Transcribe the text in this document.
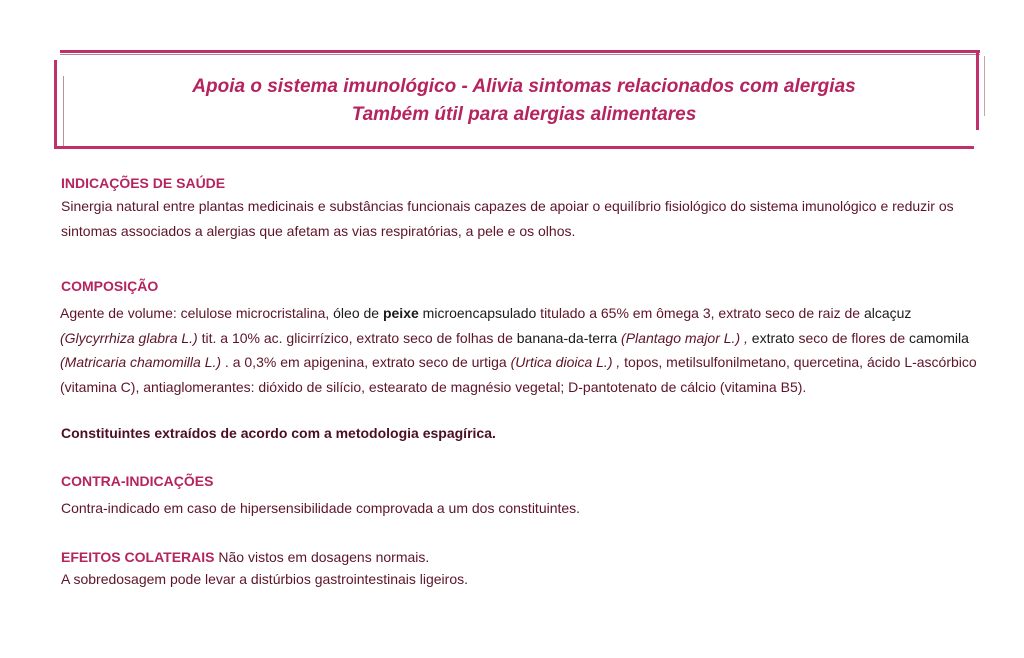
Apoia o sistema imunológico - Alivia sintomas relacionados com alergias
Também útil para alergias alimentares
INDICAÇÕES DE SAÚDE

Sinergia natural entre plantas medicinais e substâncias funcionais capazes de apoiar o equilíbrio fisiológico do sistema imunológico e reduzir os
sintomas associados a alergias que afetam as vias respiratórias, a pele e os olhos.

COMPOSIÇÃO

Agente de volume: celulose microcristalina, óleo de peixe microencapsulado titulado a 65% em ômega 3, extrato seco de raiz de alcaçuz (Glycyrrhiza glabra L.) tit. a 10% ac. glicirrízico, extrato seco de folhas de banana-da-terra (Plantago major L.) , extrato seco de flores de camomila (Matricaria chamomilla L.) . a 0,3% em apigenina, extrato seco de urtiga (Urtica dioica L.) , topos, metilsulfonilmetano, quercetina, ácido L-ascórbico (vitamina C), antiaglomerantes: dióxido de silício, estearato de magnésio vegetal; D-pantotenato de cálcio (vitamina B5).

Constituintes extraídos de acordo com a metodologia espagírica.

CONTRA-INDICAÇÕES

Contra-indicado em caso de hipersensibilidade comprovada a um dos constituintes.

EFEITOS COLATERAIS Não vistos em dosagens normais.
A sobredosagem pode levar a distúrbios gastrointestinais ligeiros.
